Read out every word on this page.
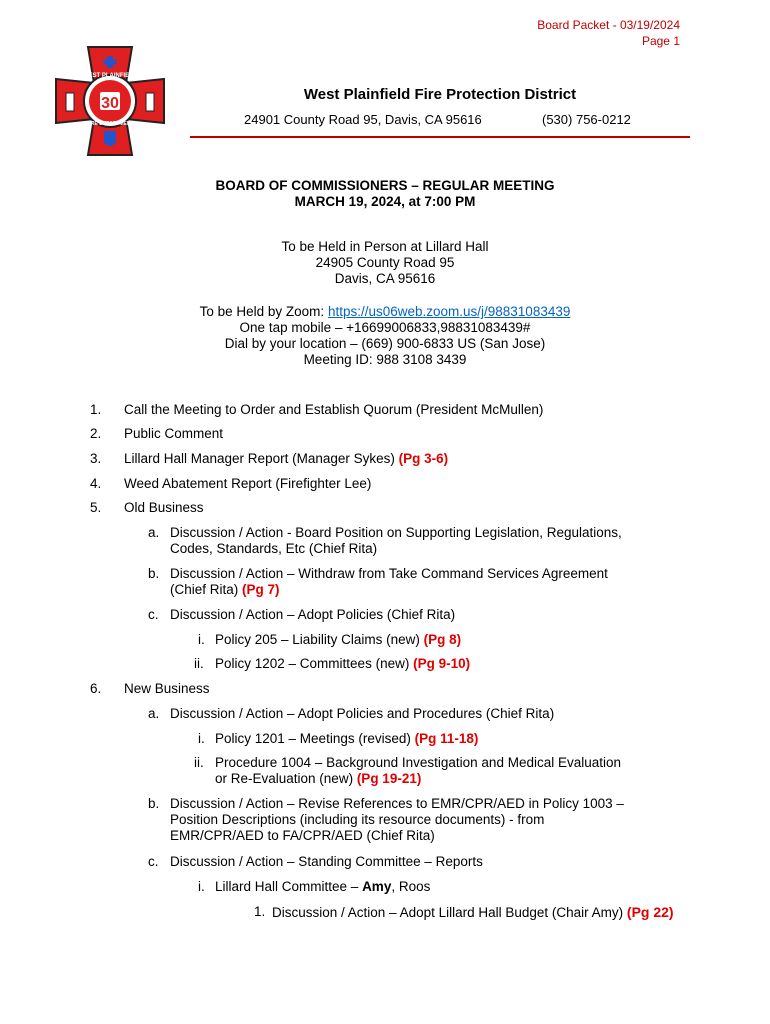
Board Packet - 03/19/2024
Page 1
WEST PLAINFIELD
STATION
30
FIRE DEPARTMENT
West Plainfield Fire Protection District
24901 County Road 95, Davis, CA 95616	(530) 756-0212
BOARD OF COMMISSIONERS – REGULAR MEETING
MARCH 19, 2024, at 7:00 PM
To be Held in Person at Lillard Hall
24905 County Road 95
Davis, CA 95616
To be Held by Zoom: https://us06web.zoom.us/j/98831083439
One tap mobile – +16699006833,98831083439#
Dial by your location – (669) 900-6833 US (San Jose)
Meeting ID: 988 3108 3439
1. Call the Meeting to Order and Establish Quorum (President McMullen)
2. Public Comment
3. Lillard Hall Manager Report (Manager Sykes) (Pg 3-6)
4. Weed Abatement Report (Firefighter Lee)
5. Old Business
a. Discussion / Action - Board Position on Supporting Legislation, Regulations,
Codes, Standards, Etc (Chief Rita)
b. Discussion / Action – Withdraw from Take Command Services Agreement
(Chief Rita) (Pg 7)
c. Discussion / Action – Adopt Policies (Chief Rita)
i. Policy 205 – Liability Claims (new) (Pg 8)
ii. Policy 1202 – Committees (new) (Pg 9-10)
6. New Business
a. Discussion / Action – Adopt Policies and Procedures (Chief Rita)
i. Policy 1201 – Meetings (revised) (Pg 11-18)
ii. Procedure 1004 – Background Investigation and Medical Evaluation
or Re-Evaluation (new) (Pg 19-21)
b. Discussion / Action – Revise References to EMR/CPR/AED in Policy 1003 –
Position Descriptions (including its resource documents) - from
EMR/CPR/AED to FA/CPR/AED (Chief Rita)
c. Discussion / Action – Standing Committee – Reports
i. Lillard Hall Committee – Amy, Roos
1. Discussion / Action – Adopt Lillard Hall Budget (Chair Amy) (Pg 22)
